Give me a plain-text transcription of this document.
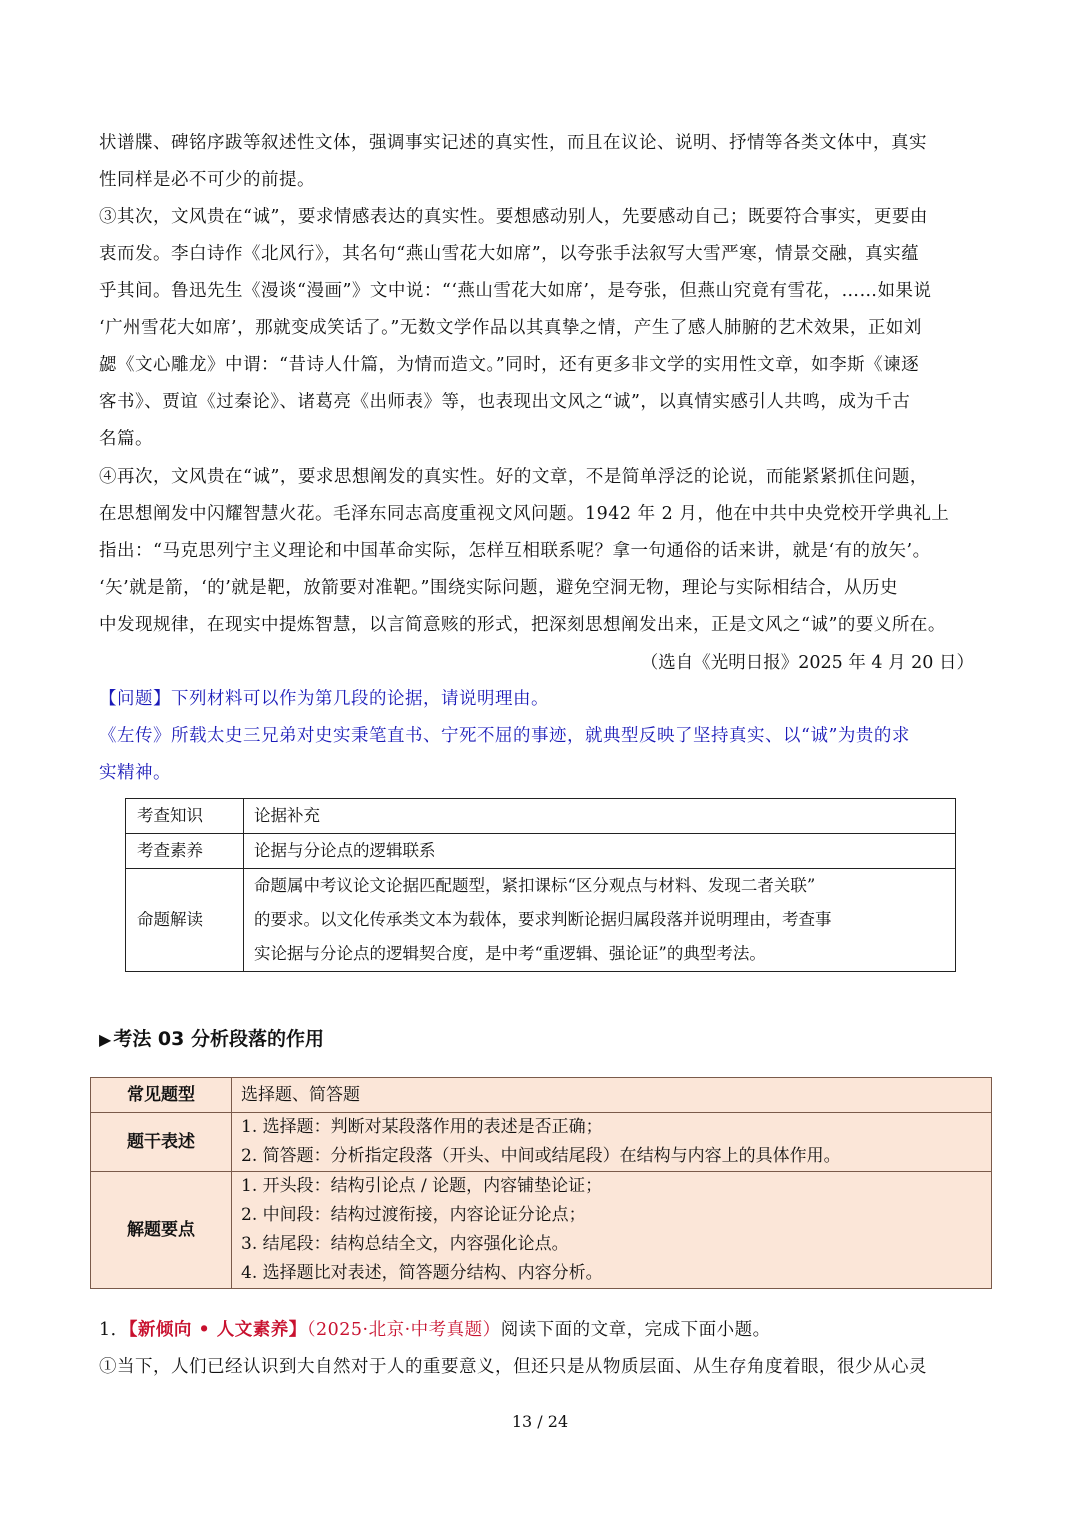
状谱牒、碑铭序跋等叙述性文体，强调事实记述的真实性，而且在议论、说明、抒情等各类文体中，真实

性同样是必不可少的前提。

③其次，文风贵在“诚”，要求情感表达的真实性。要想感动别人，先要感动自己；既要符合事实，更要由

衷而发。李白诗作《北风行》，其名句“燕山雪花大如席”，以夸张手法叙写大雪严寒，情景交融，真实蕴

乎其间。鲁迅先生《漫谈“漫画”》文中说：“‘燕山雪花大如席’，是夸张，但燕山究竟有雪花，……如果说

‘广州雪花大如席’，那就变成笑话了。”无数文学作品以其真挚之情，产生了感人肺腑的艺术效果，正如刘

勰《文心雕龙》中谓：“昔诗人什篇，为情而造文。”同时，还有更多非文学的实用性文章，如李斯《谏逐

客书》、贾谊《过秦论》、诸葛亮《出师表》等，也表现出文风之“诚”，以真情实感引人共鸣，成为千古

名篇。

④再次，文风贵在“诚”，要求思想阐发的真实性。好的文章，不是简单浮泛的论说，而能紧紧抓住问题，

在思想阐发中闪耀智慧火花。毛泽东同志高度重视文风问题。1942 年 2 月，他在中共中央党校开学典礼上

指出：“马克思列宁主义理论和中国革命实际，怎样互相联系呢？拿一句通俗的话来讲，就是‘有的放矢’。

‘矢’就是箭，‘的’就是靶，放箭要对准靶。”围绕实际问题，避免空洞无物，理论与实际相结合，从历史

中发现规律，在现实中提炼智慧，以言简意赅的形式，把深刻思想阐发出来，正是文风之“诚”的要义所在。

（选自《光明日报》2025 年 4 月 20 日）

【问题】下列材料可以作为第几段的论据，请说明理由。

《左传》所载太史三兄弟对史实秉笔直书、宁死不屈的事迹，就典型反映了坚持真实、以“诚”为贵的求

实精神。

考查知识	论据补充
考查素养	论据与分论点的逻辑联系
命题解读	命题属中考议论文论据匹配题型，紧扣课标“区分观点与材料、发现二者关联”
的要求。以文化传承类文本为载体，要求判断论据归属段落并说明理由，考查事
实论据与分论点的逻辑契合度，是中考“重逻辑、强论证”的典型考法。
▶ 考法 03 分析段落的作用
常见题型	选择题、简答题
题干表述	1. 选择题：判断对某段落作用的表述是否正确；
2. 简答题：分析指定段落（开头、中间或结尾段）在结构与内容上的具体作用。

解题要点	1. 开头段：结构引论点 / 论题，内容铺垫论证；
2. 中间段：结构过渡衔接，内容论证分论点；
3. 结尾段：结构总结全文，内容强化论点。
4. 选择题比对表述，简答题分结构、内容分析。

1．【新倾向 • 人文素养】（2025·北京·中考真题）阅读下面的文章，完成下面小题。

①当下，人们已经认识到大自然对于人的重要意义，但还只是从物质层面、从生存角度着眼，很少从心灵

13 / 24
